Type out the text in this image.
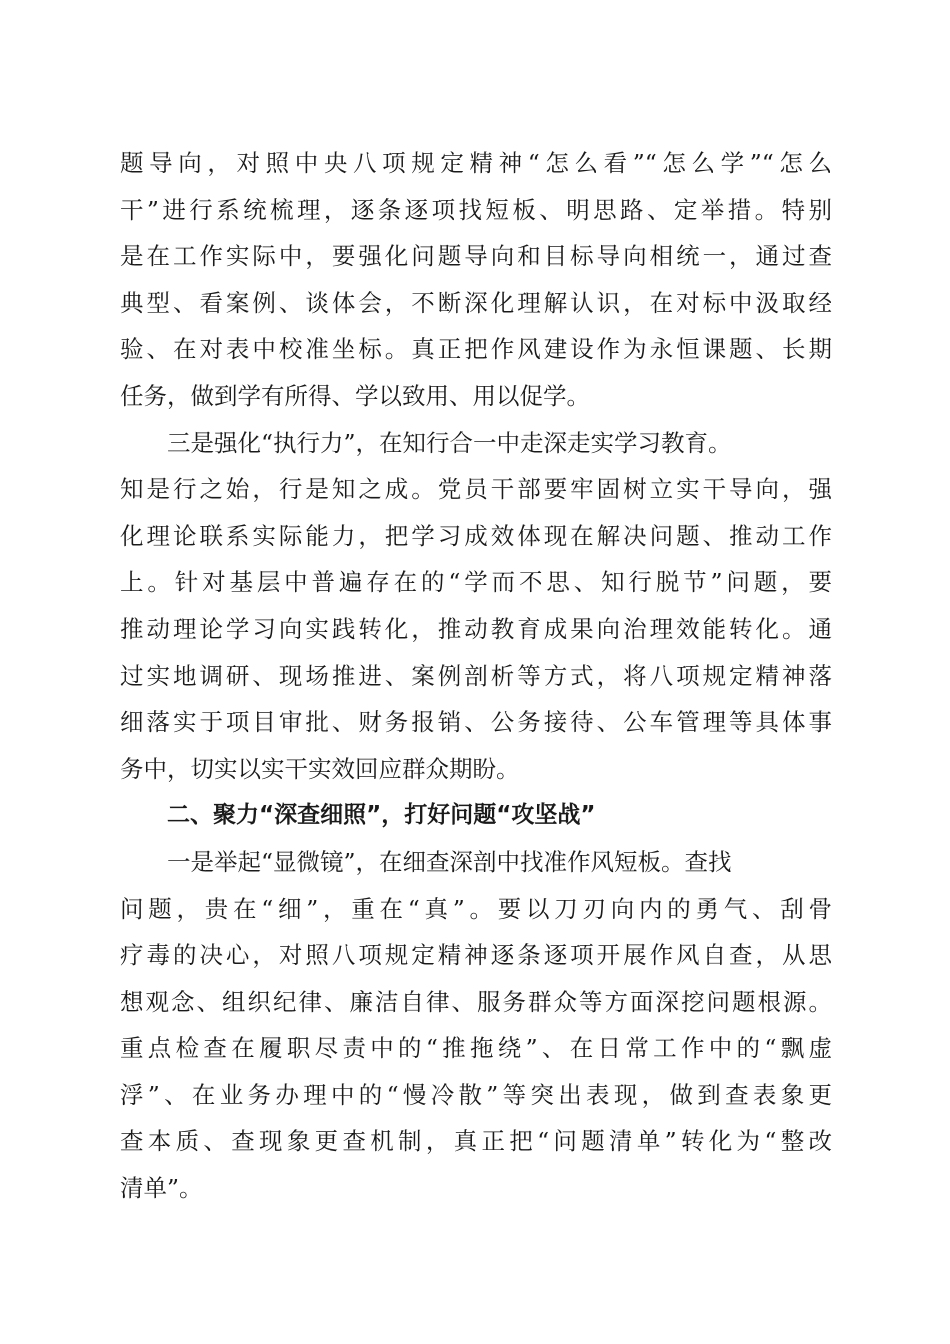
题导向，对照中央八项规定精神“怎么看”“怎么学”“怎么
干”进行系统梳理，逐条逐项找短板、明思路、定举措。特别
是在工作实际中，要强化问题导向和目标导向相统一，通过查
典型、看案例、谈体会，不断深化理解认识，在对标中汲取经
验、在对表中校准坐标。真正把作风建设作为永恒课题、长期
任务，做到学有所得、学以致用、用以促学。
三是强化“执行力”，在知行合一中走深走实学习教育。
知是行之始，行是知之成。党员干部要牢固树立实干导向，强
化理论联系实际能力，把学习成效体现在解决问题、推动工作
上。针对基层中普遍存在的“学而不思、知行脱节”问题，要
推动理论学习向实践转化，推动教育成果向治理效能转化。通
过实地调研、现场推进、案例剖析等方式，将八项规定精神落
细落实于项目审批、财务报销、公务接待、公车管理等具体事
务中，切实以实干实效回应群众期盼。
二、聚力“深查细照”，打好问题“攻坚战”
一是举起“显微镜”，在细查深剖中找准作风短板。查找
问题，贵在“细”，重在“真”。要以刀刃向内的勇气、刮骨
疗毒的决心，对照八项规定精神逐条逐项开展作风自查，从思
想观念、组织纪律、廉洁自律、服务群众等方面深挖问题根源。
重点检查在履职尽责中的“推拖绕”、在日常工作中的“飘虚
浮”、在业务办理中的“慢冷散”等突出表现，做到查表象更
查本质、查现象更查机制，真正把“问题清单”转化为“整改
清单”。
